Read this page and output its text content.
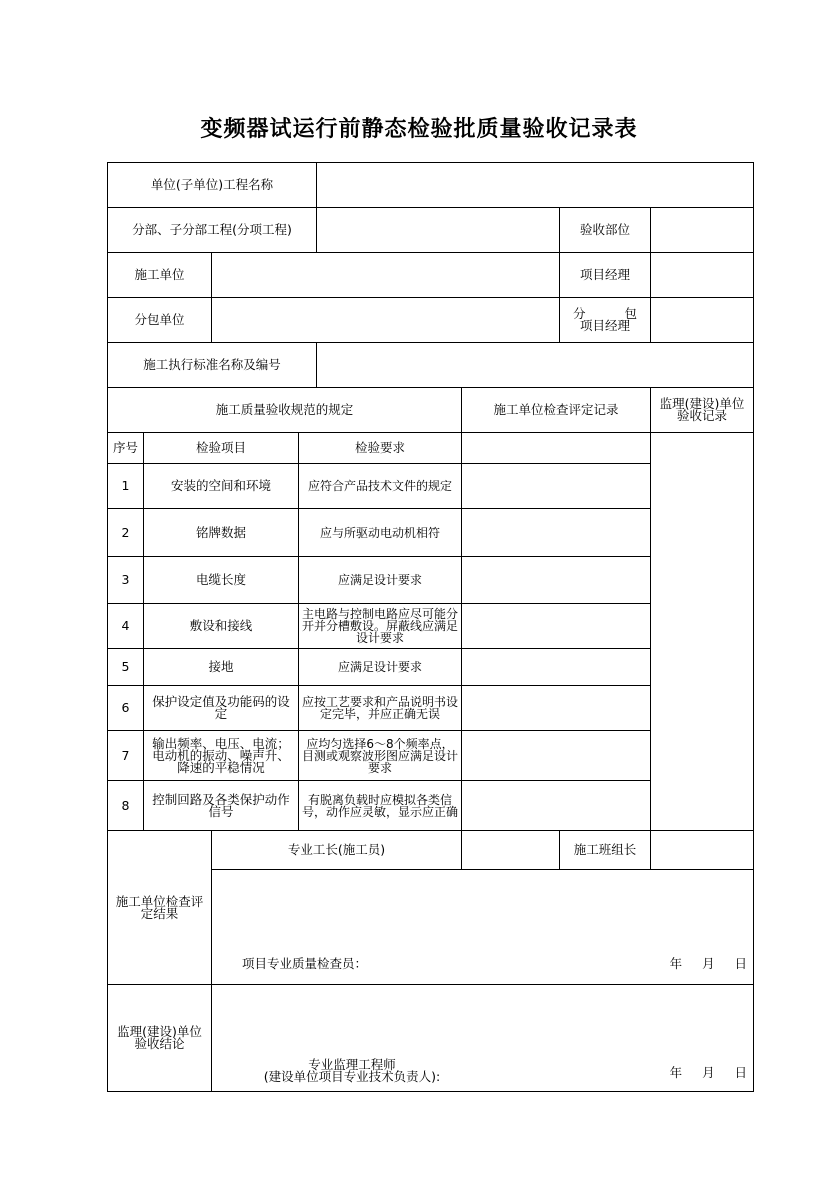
变频器试运行前静态检验批质量验收记录表
单位(子单位)工程名称							
分部、子分部工程(分项工程)						验收部位	
施工单位						项目经理	
分包单位						分 包
项目经理	

施工执行标准名称及编号							
施工质量验收规范的规定					施工单位检查评定记录		监理(建设)单位
验收记录

序号	检验项目		检验要求				
1	安装的空间和环境		应符合产品技术文件的规定				
2	铭牌数据		应与所驱动电动机相符				
3	电缆长度		应满足设计要求				
4	敷设和接线		主电路与控制电路应尽可能分开并分槽敷设。屏蔽线应满足设计要求				
5	接地		应满足设计要求				
6	保护设定值及功能码的设定		应按工艺要求和产品说明书设定完毕，并应正确无误				
7	输出频率、电压、电流；电动机的振动、噪声升、降速的平稳情况		应均匀选择6～8个频率点，目测或观察波形图应满足设计要求				
8	控制回路及各类保护动作信号		有脱离负载时应模拟各类信号，动作应灵敏，显示应正确				
施工单位检查评定结果		专业工长(施工员)				施工班组长	

		项目专业质量检查员： 年 月 日					

监理(建设)单位验收结论		专业监理工程师
(建设单位项目专业技术负责人): 年 月 日					
